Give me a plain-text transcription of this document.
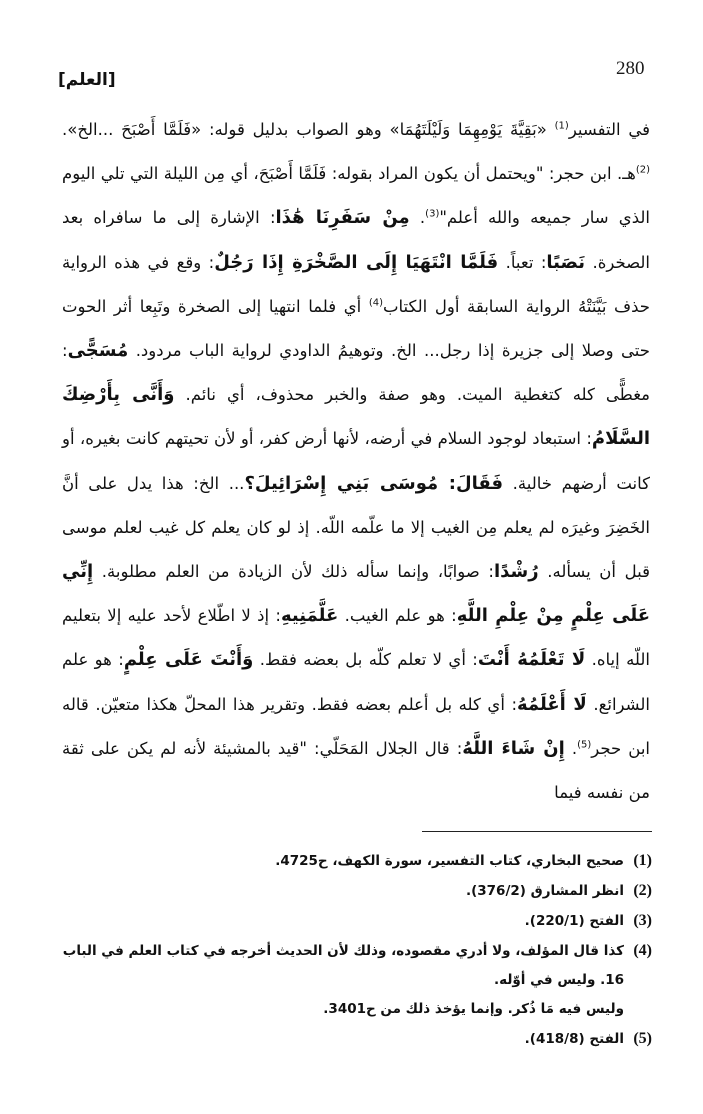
280
[العلم]

في التفسير$^{(1)}$ «بَقِيَّةَ يَوْمِهِمَا وَلَيْلَتَهُمَا» وهو الصواب بدليل قوله: «فَلَمَّا أَصْبَحَ ...الخ».$^{(2)}$هـ. ابن حجر: "ويحتمل أن يكون المراد بقوله: فَلَمَّا أَصْبَحَ، أي مِن الليلة التي تلي اليوم الذي سار جميعه والله أعلم"$^{(3)}$. مِنْ سَفَرِنَا هَٰذَا: الإشارة إلى ما سافراه بعد الصخرة. نَصَبًا: تعباً. فَلَمَّا انْتَهَيَا إِلَى الصَّخْرَةِ إِذَا رَجُلٌ: وقع في هذه الرواية حذف بَيَّنَتْهُ الرواية السابقة أول الكتاب$^{(4)}$ أي فلما انتهيا إلى الصخرة وتَبِعا أثر الحوت حتى وصلا إلى جزيرة إذا رجل... الخ. وتوهيمُ الداودي لرواية الباب مردود. مُسَجًّى: مغطًّى كله كتغطية الميت. وهو صفة والخبر محذوف، أي نائم. وَأَنَّى بِأَرْضِكَ السَّلَامُ: استبعاد لوجود السلام في أرضه، لأنها أرض كفر، أو لأن تحيتهم كانت بغيره، أو كانت أرضهم خالية. فَقَالَ: مُوسَى بَنِي إِسْرَائِيلَ؟... الخ: هذا يدل على أنَّ الخَضِرَ وغيرَه لم يعلم مِن الغيب إلا ما علّمه اللّه. إذ لو كان يعلم كل غيب لعلم موسى قبل أن يسأله. رُشْدًا: صوابًا، وإنما سأله ذلك لأن الزيادة من العلم مطلوبة. إِنِّي عَلَى عِلْمٍ مِنْ عِلْمِ اللَّهِ: هو علم الغيب. عَلَّمَنِيهِ: إذ لا اطّلاع لأحد عليه إلا بتعليم اللّه إياه. لَا تَعْلَمُهُ أَنْتَ: أي لا تعلم كلّه بل بعضه فقط. وَأَنْتَ عَلَى عِلْمٍ: هو علم الشرائع. لَا أَعْلَمُهُ: أي كله بل أعلم بعضه فقط. وتقرير هذا المحلّ هكذا متعيّن. قاله ابن حجر$^{(5)}$. إِنْ شَاءَ اللَّهُ: قال الجلال المَحَلّي: "قيد بالمشيئة لأنه لم يكن على ثقة من نفسه فيما

(1)
صحيح البخاري، كتاب التفسير، سورة الكهف، ح4725.
(2)
انظر المشارق (376/2).
(3)
الفتح (220/1).
(4)
كذا قال المؤلف، ولا أدري مقصوده، وذلك لأن الحديث أخرجه في كتاب العلم في الباب 16. وليس في أوّله.
وليس فيه مَا ذُكر. وإنما يؤخذ ذلك من ح3401.
(5)
الفتح (418/8).
